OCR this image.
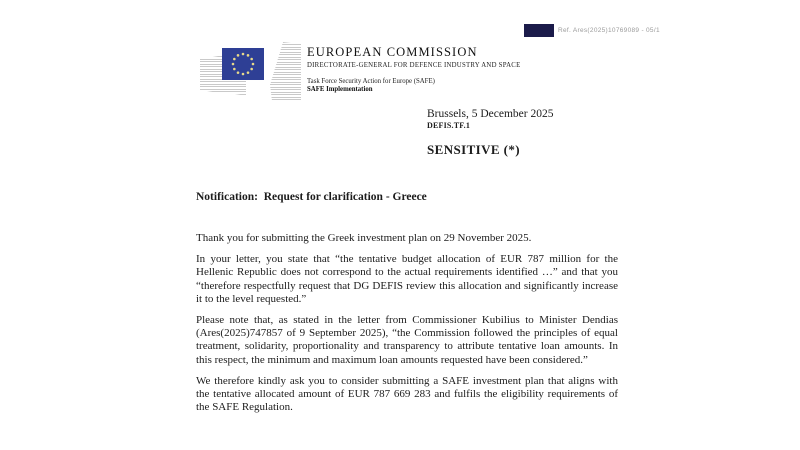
Ref. Ares(2025)10769089 - 05/1
EUROPEAN COMMISSION
DIRECTORATE-GENERAL FOR DEFENCE INDUSTRY AND SPACE
Task Force Security Action for Europe (SAFE)
SAFE Implementation
Brussels, 5 December 2025
DEFIS.TF.1
SENSITIVE (*)
Notification:  Request for clarification - Greece

Thank you for submitting the Greek investment plan on 29 November 2025.

In your letter, you state that “the tentative budget allocation of EUR 787 million for the Hellenic Republic does not correspond to the actual requirements identified …” and that you “therefore respectfully request that DG DEFIS review this allocation and significantly increase it to the level requested.”

Please note that, as stated in the letter from Commissioner Kubilius to Minister Dendias (Ares(2025)747857 of 9 September 2025), “the Commission followed the principles of equal treatment, solidarity, proportionality and transparency to attribute tentative loan amounts. In this respect, the minimum and maximum loan amounts requested have been considered.”

We therefore kindly ask you to consider submitting a SAFE investment plan that aligns with the tentative allocated amount of EUR 787 669 283 and fulfils the eligibility requirements of the SAFE Regulation.
